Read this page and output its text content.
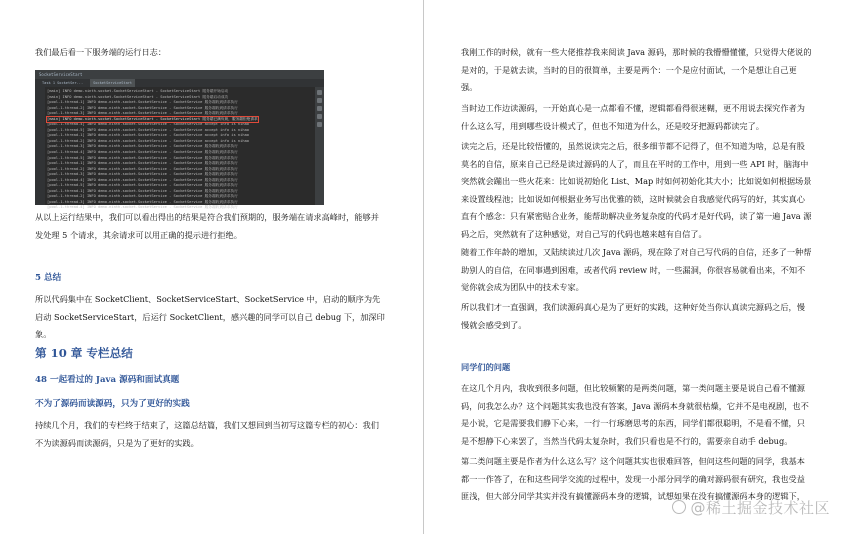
我们最后看一下服务端的运行日志：

SocketServiceStart
Task 1 SocketSer...	SocketServiceStart
[main] INFO demo.ninth.socket.SocketServiceStart - SocketServiceStart 服务端开始启动
[main] INFO demo.ninth.socket.SocketServiceStart - SocketServiceStart 服务端启动成功
[pool-1-thread-1] INFO demo.ninth.socket.SocketService - SocketService 服务端收到请求执行
[pool-1-thread-2] INFO demo.ninth.socket.SocketService - SocketService 服务端收到请求执行
[pool-1-thread-3] INFO demo.ninth.socket.SocketService - SocketService 服务端收到请求执行
[main] INFO demo.ninth.socket.SocketServiceStart - SocketServiceStart 服务端已满负荷，服务端拒绝请求
[pool-1-thread-4] INFO demo.ninth.socket.SocketService - SocketService accept info is nihao
[pool-1-thread-5] INFO demo.ninth.socket.SocketService - SocketService accept info is nihao
[pool-1-thread-1] INFO demo.ninth.socket.SocketService - SocketService accept info is nihao
[pool-1-thread-2] INFO demo.ninth.socket.SocketService - SocketService accept info is nihao
[pool-1-thread-3] INFO demo.ninth.socket.SocketService - SocketService 服务端收到请求执行
[pool-1-thread-4] INFO demo.ninth.socket.SocketService - SocketService 服务端收到请求执行
[pool-1-thread-5] INFO demo.ninth.socket.SocketService - SocketService 服务端收到请求执行
[pool-1-thread-1] INFO demo.ninth.socket.SocketService - SocketService 服务端收到请求执行
[pool-1-thread-2] INFO demo.ninth.socket.SocketService - SocketService 服务端收到请求执行
[pool-1-thread-3] INFO demo.ninth.socket.SocketService - SocketService 服务端收到请求执行
[pool-1-thread-4] INFO demo.ninth.socket.SocketService - SocketService 服务端收到请求执行
[pool-1-thread-5] INFO demo.ninth.socket.SocketService - SocketService 服务端收到请求执行
[pool-1-thread-1] INFO demo.ninth.socket.SocketService - SocketService 服务端收到请求执行
[pool-1-thread-2] INFO demo.ninth.socket.SocketService - SocketService 服务端收到请求执行
[pool-1-thread-3] INFO demo.ninth.socket.SocketService - SocketService 服务端收到请求执行
[pool-1-thread-4] INFO demo.ninth.socket.SocketService - SocketService 服务端收到请求执行

从以上运行结果中，我们可以看出得出的结果是符合我们预期的，服务端在请求高峰时，能够并发处理 5 个请求，其余请求可以用正确的提示进行拒绝。

5 总结

所以代码集中在 SocketClient、SocketServiceStart、SocketService 中，启动的顺序为先启动 SocketServiceStart，后运行 SocketClient，感兴趣的同学可以自己 debug 下，加深印象。

第 10 章 专栏总结

48 一起看过的 Java 源码和面试真题

不为了源码而读源码，只为了更好的实践

持续几个月，我们的专栏终于结束了，这篇总结篇，我们又想回到当初写这篇专栏的初心：我们不为读源码而读源码，只是为了更好的实践。

我刚工作的时候，就有一些大佬推荐我来阅读 Java 源码，那时候的我懵懵懂懂，只觉得大佬说的是对的，于是就去读，当时的目的很简单，主要是两个：一个是应付面试，一个是想让自己更强。

当时边工作边读源码，一开始真心是一点都看不懂，逻辑都看得很迷糊，更不用说去探究作者为什么这么写，用到哪些设计模式了，但也不知道为什么，还是咬牙把源码都读完了。

读完之后，还是比较悟懂的，虽然说读完之后，很多细节都不记得了，但不知道为啥，总是有股莫名的自信，原来自己已经是读过源码的人了，而且在平时的工作中，用到一些 API 时，脑海中突然就会蹦出一些火花来：比如说初始化 List、Map 时如何初始化其大小；比如说如何根据场景来设置线程池；比如说如何根据业务写出优雅的锁，这时候就会自我感觉代码写的好，其实真心直有个感念：只有紧密贴合业务，能帮助解决业务复杂度的代码才是好代码，读了第一遍 Java 源码之后，突然就有了这种感觉，对自己写的代码也越来越有自信了。

随着工作年龄的增加，又陆续读过几次 Java 源码，现在除了对自己写代码的自信，还多了一种帮助别人的自信，在同事遇到困难，或者代码 review 时，一些漏洞，你很容易就看出来，不知不觉你就会成为团队中的技术专家。

所以我们才一直强调，我们读源码真心是为了更好的实践，这种好处当你认真读完源码之后，慢慢就会感受到了。

同学们的问题

在这几个月内，我收到很多问题，但比较频繁的是两类问题，第一类问题主要是说自己看不懂源码，问我怎么办？这个问题其实我也没有答案，Java 源码本身就很枯燥，它并不是电视剧，也不是小说，它是需要我们静下心来，一行一行琢磨思考的东西，同学们都很聪明，不是看不懂，只是不想静下心来罢了，当然当代码太复杂时，我们只看也是不行的，需要亲自动手 debug。

第二类问题主要是作者为什么这么写？这个问题其实也很难回答，但问这些问题的同学，我基本都一一作答了，在和这些同学交流的过程中，发现一小部分同学的确对源码很有研究，我也受益匪浅，但大部分同学其实并没有搞懂源码本身的逻辑，试想如果在没有搞懂源码本身的逻辑下，

@稀土掘金技术社区
